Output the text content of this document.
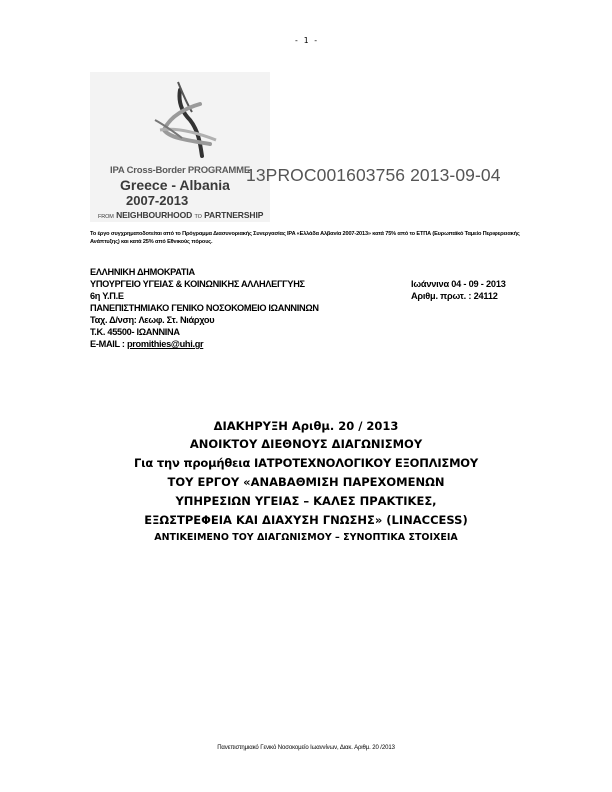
- 1 -
IPA Cross-Border PROGRAMME
Greece - Albania
2007-2013
FROM NEIGHBOURHOOD TO PARTNERSHIP
13PROC001603756 2013-09-04
Το έργο συγχρηματοδοτείται από το Πρόγραμμα Διασυνοριακής Συνεργασίας IPA «Ελλάδα Αλβανία 2007-2013» κατά 75% από το ΕΤΠΑ (Ευρωπαϊκό Ταμείο Περιφερειακής Ανάπτυξης) και κατά 25% από Εθνικούς πόρους.
ΕΛΛΗΝΙΚΗ ΔΗΜΟΚΡΑΤΙΑ
ΥΠΟΥΡΓΕΙΟ ΥΓΕΙΑΣ & ΚΟΙΝΩΝΙΚΗΣ ΑΛΛΗΛΕΓΓΥΗΣ
6η Υ.Π.Ε
ΠΑΝΕΠΙΣΤΗΜΙΑΚΟ ΓΕΝΙΚΟ ΝΟΣΟΚΟΜΕΙΟ ΙΩΑΝΝΙΝΩΝ
Ταχ. Δ/νση: Λεωφ. Στ. Νιάρχου
Τ.Κ. 45500- ΙΩΑΝΝΙΝΑ
E-MAIL : promithies@uhi.gr
Ιωάννινα 04 - 09 - 2013
Αριθμ. πρωτ. : 24112
ΔΙΑΚΗΡΥΞΗ Αριθμ. 20 / 2013
ΑΝΟΙΚΤΟΥ ΔΙΕΘΝΟΥΣ ΔΙΑΓΩΝΙΣΜΟΥ
Για την προμήθεια ΙΑΤΡΟΤΕΧΝΟΛΟΓΙΚΟΥ ΕΞΟΠΛΙΣΜΟΥ
ΤΟΥ ΕΡΓΟΥ «ΑΝΑΒΑΘΜΙΣΗ ΠΑΡΕΧΟΜΕΝΩΝ
ΥΠΗΡΕΣΙΩΝ ΥΓΕΙΑΣ – ΚΑΛΕΣ ΠΡΑΚΤΙΚΕΣ,
ΕΞΩΣΤΡΕΦΕΙΑ ΚΑΙ ΔΙΑΧΥΣΗ ΓΝΩΣΗΣ» (LINACCESS)
ΑΝΤΙΚΕΙΜΕΝΟ ΤΟΥ ΔΙΑΓΩΝΙΣΜΟΥ – ΣΥΝΟΠΤΙΚΑ ΣΤΟΙΧΕΙΑ
Πανεπιστημιακό Γενικό Νοσοκομείο Ιωαννίνων, Διακ. Αριθμ. 20 /2013
